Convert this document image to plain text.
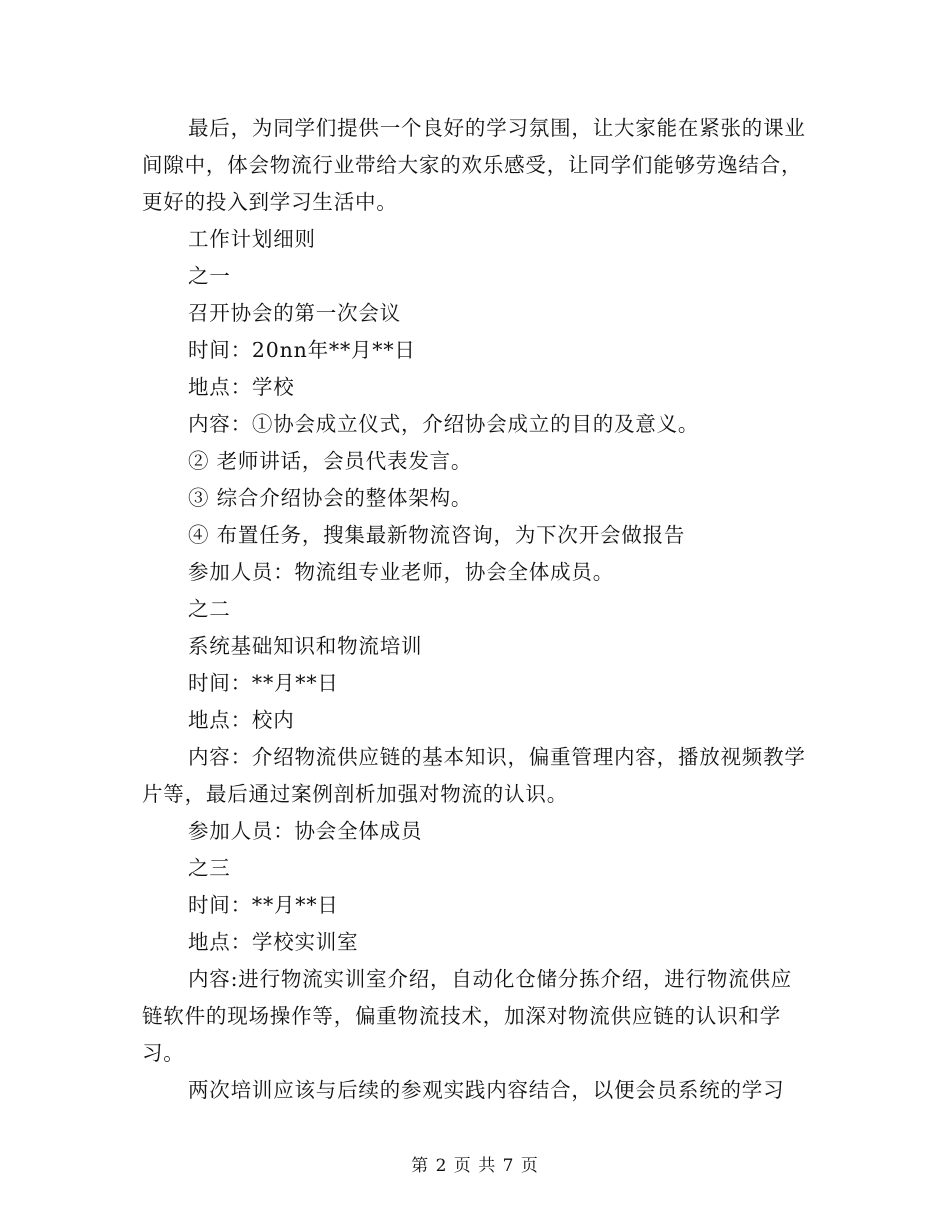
最后，为同学们提供一个良好的学习氛围，让大家能在紧张的课业间隙中，体会物流行业带给大家的欢乐感受，让同学们能够劳逸结合，更好的投入到学习生活中。

工作计划细则

之一

召开协会的第一次会议

时间：20nn年**月**日

地点：学校

内容：①协会成立仪式，介绍协会成立的目的及意义。

② 老师讲话，会员代表发言。

③ 综合介绍协会的整体架构。

④ 布置任务，搜集最新物流咨询，为下次开会做报告

参加人员：物流组专业老师，协会全体成员。

之二

系统基础知识和物流培训

时间：**月**日

地点：校内

内容：介绍物流供应链的基本知识，偏重管理内容，播放视频教学片等，最后通过案例剖析加强对物流的认识。

参加人员：协会全体成员

之三

时间：**月**日

地点：学校实训室

内容:进行物流实训室介绍，自动化仓储分拣介绍，进行物流供应链软件的现场操作等，偏重物流技术，加深对物流供应链的认识和学习。

两次培训应该与后续的参观实践内容结合，以便会员系统的学习

第 2 页 共 7 页
